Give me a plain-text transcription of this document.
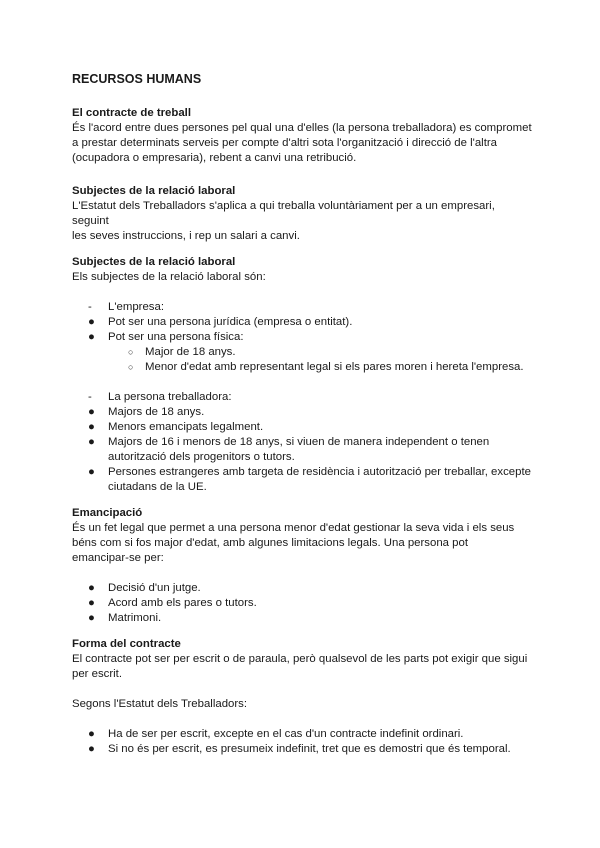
RECURSOS HUMANS

El contracte de treball

És l'acord entre dues persones pel qual una d'elles (la persona treballadora) es compromet

a prestar determinats serveis per compte d'altri sota l'organització i direcció de l'altra

(ocupadora o empresaria), rebent a canvi una retribució.

Subjectes de la relació laboral

L'Estatut dels Treballadors s'aplica a qui treballa voluntàriament per a un empresari, seguint

les seves instruccions, i rep un salari a canvi.

Subjectes de la relació laboral

Els subjectes de la relació laboral són:

- L'empresa:
● Pot ser una persona jurídica (empresa o entitat).
● Pot ser una persona física:
○ Major de 18 anys.
○ Menor d'edat amb representant legal si els pares moren i hereta l'empresa.
- La persona treballadora:
● Majors de 18 anys.
● Menors emancipats legalment.
● Majors de 16 i menors de 18 anys, si viuen de manera independent o tenen
autorització dels progenitors o tutors.
● Persones estrangeres amb targeta de residència i autorització per treballar, excepte
ciutadans de la UE.

Emancipació

És un fet legal que permet a una persona menor d'edat gestionar la seva vida i els seus

béns com si fos major d'edat, amb algunes limitacions legals. Una persona pot

emancipar-se per:

● Decisió d'un jutge.
● Acord amb els pares o tutors.
● Matrimoni.

Forma del contracte

El contracte pot ser per escrit o de paraula, però qualsevol de les parts pot exigir que sigui

per escrit.

Segons l'Estatut dels Treballadors:

● Ha de ser per escrit, excepte en el cas d'un contracte indefinit ordinari.
● Si no és per escrit, es presumeix indefinit, tret que es demostri que és temporal.
